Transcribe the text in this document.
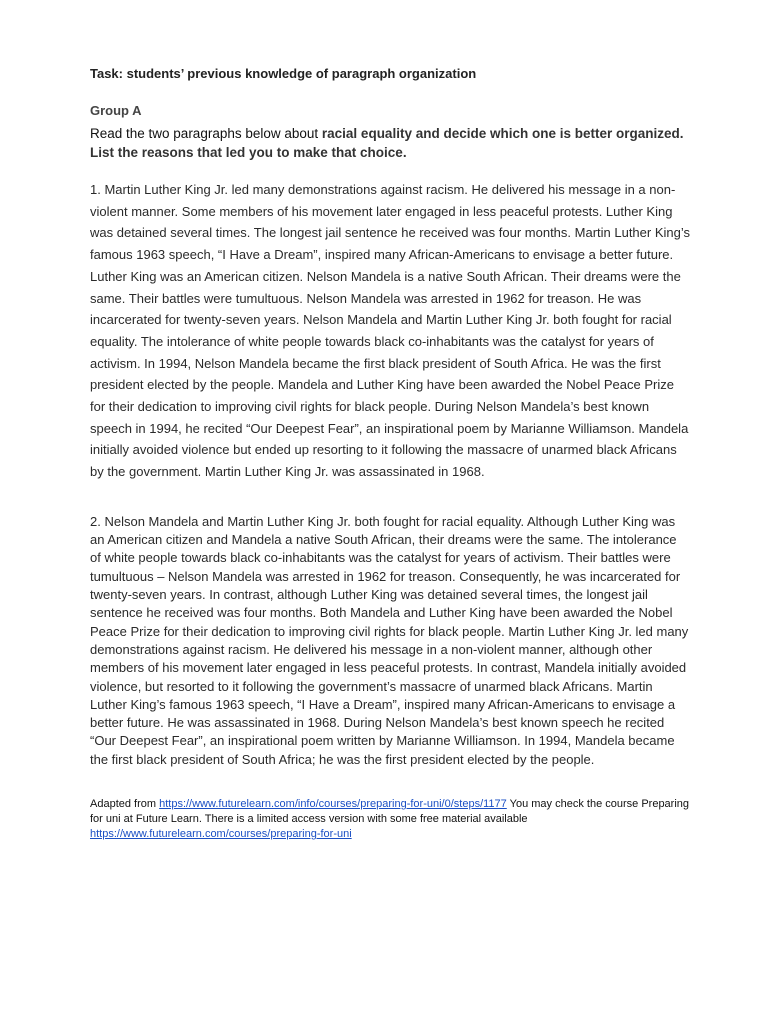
Task: students’ previous knowledge of paragraph organization

Group A

Read the two paragraphs below about racial equality and decide which one is better organized. List the reasons that led you to make that choice.

1. Martin Luther King Jr. led many demonstrations against racism. He delivered his message in a non-violent manner. Some members of his movement later engaged in less peaceful protests. Luther King was detained several times. The longest jail sentence he received was four months. Martin Luther King’s famous 1963 speech, “I Have a Dream”, inspired many African-Americans to envisage a better future. Luther King was an American citizen. Nelson Mandela is a native South African. Their dreams were the same. Their battles were tumultuous. Nelson Mandela was arrested in 1962 for treason. He was incarcerated for twenty-seven years. Nelson Mandela and Martin Luther King Jr. both fought for racial equality. The intolerance of white people towards black co-inhabitants was the catalyst for years of activism. In 1994, Nelson Mandela became the first black president of South Africa. He was the first president elected by the people. Mandela and Luther King have been awarded the Nobel Peace Prize for their dedication to improving civil rights for black people. During Nelson Mandela’s best known speech in 1994, he recited “Our Deepest Fear”, an inspirational poem by Marianne Williamson. Mandela initially avoided violence but ended up resorting to it following the massacre of unarmed black Africans by the government. Martin Luther King Jr. was assassinated in 1968.

2. Nelson Mandela and Martin Luther King Jr. both fought for racial equality. Although Luther King was an American citizen and Mandela a native South African, their dreams were the same. The intolerance of white people towards black co-inhabitants was the catalyst for years of activism. Their battles were tumultuous – Nelson Mandela was arrested in 1962 for treason. Consequently, he was incarcerated for twenty-seven years. In contrast, although Luther King was detained several times, the longest jail sentence he received was four months. Both Mandela and Luther King have been awarded the Nobel Peace Prize for their dedication to improving civil rights for black people. Martin Luther King Jr. led many demonstrations against racism. He delivered his message in a non-violent manner, although other members of his movement later engaged in less peaceful protests. In contrast, Mandela initially avoided violence, but resorted to it following the government’s massacre of unarmed black Africans. Martin Luther King’s famous 1963 speech, “I Have a Dream”, inspired many African-Americans to envisage a better future. He was assassinated in 1968. During Nelson Mandela’s best known speech he recited “Our Deepest Fear”, an inspirational poem written by Marianne Williamson. In 1994, Mandela became the first black president of South Africa; he was the first president elected by the people.

Adapted from https://www.futurelearn.com/info/courses/preparing-for-uni/0/steps/1177 You may check the course Preparing for uni at Future Learn. There is a limited access version with some free material available https://www.futurelearn.com/courses/preparing-for-uni
